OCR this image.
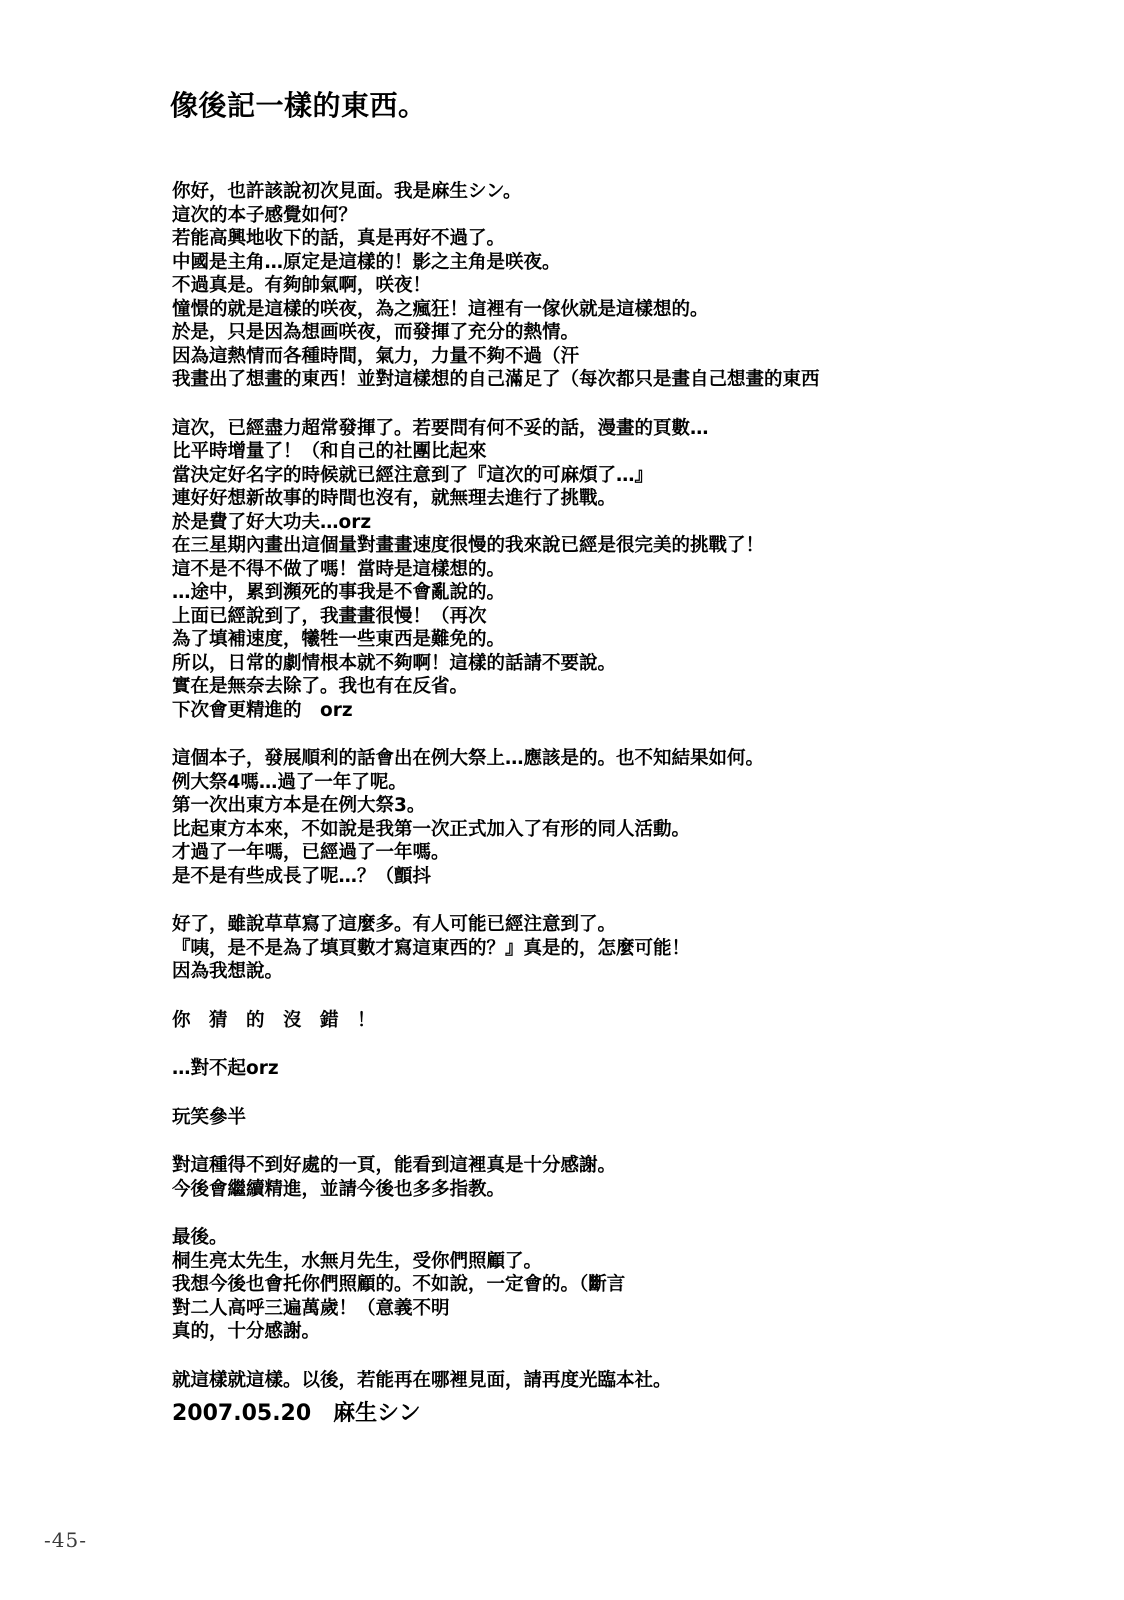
像後記一樣的東西。
你好，也許該說初次見面。我是麻生シン。
這次的本子感覺如何？
若能高興地收下的話，真是再好不過了。
中國是主角…原定是這樣的！影之主角是咲夜。
不過真是。有夠帥氣啊，咲夜！
憧憬的就是這樣的咲夜，為之瘋狂！這裡有一傢伙就是這樣想的。
於是，只是因為想画咲夜，而發揮了充分的熱情。
因為這熱情而各種時間，氣力，力量不夠不過（汗
我畫出了想畫的東西！並對這樣想的自己滿足了（每次都只是畫自己想畫的東西
這次，已經盡力超常發揮了。若要問有何不妥的話，漫畫的頁數…
比平時增量了！（和自己的社團比起來
當決定好名字的時候就已經注意到了『這次的可麻煩了…』
連好好想新故事的時間也沒有，就無理去進行了挑戰。
於是費了好大功夫…orz
在三星期內畫出這個量對畫畫速度很慢的我來說已經是很完美的挑戰了！
這不是不得不做了嗎！當時是這樣想的。
…途中，累到瀕死的事我是不會亂說的。
上面已經說到了，我畫畫很慢！（再次
為了填補速度，犧牲一些東西是難免的。
所以，日常的劇情根本就不夠啊！這樣的話請不要說。
實在是無奈去除了。我也有在反省。
下次會更精進的　orz
這個本子，發展順利的話會出在例大祭上…應該是的。也不知結果如何。
例大祭4嗎…過了一年了呢。
第一次出東方本是在例大祭3。
比起東方本來，不如說是我第一次正式加入了有形的同人活動。
才過了一年嗎，已經過了一年嗎。
是不是有些成長了呢…？（顫抖
好了，雖說草草寫了這麼多。有人可能已經注意到了。
『咦，是不是為了填頁數才寫這東西的？』真是的，怎麼可能！
因為我想說。
你　猜　的　沒　錯　！
…對不起orz
玩笑參半
對這種得不到好處的一頁，能看到這裡真是十分感謝。
今後會繼續精進，並請今後也多多指教。
最後。
桐生亮太先生，水無月先生，受你們照顧了。
我想今後也會托你們照顧的。不如說，一定會的。（斷言
對二人高呼三遍萬歲！（意義不明
真的，十分感謝。
就這樣就這樣。以後，若能再在哪裡見面，請再度光臨本社。
2007.05.20　麻生シン
-45-
